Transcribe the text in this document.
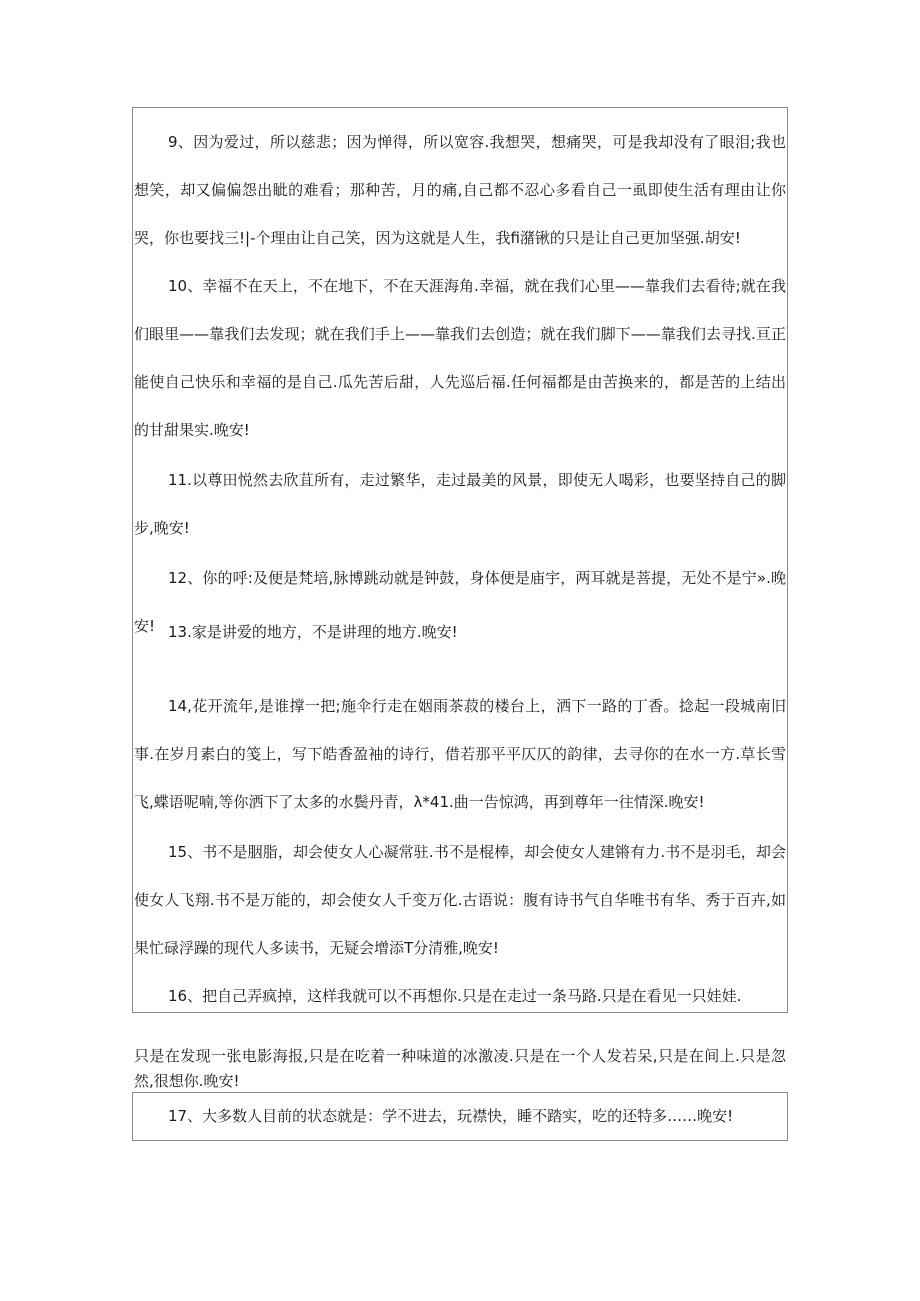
9、因为爱过，所以慈悲；因为惮得，所以宽容.我想哭，想痛哭，可是我却没有了眼泪;我也想笑，却又偏偏怨出眦的难看；那种苦，月的痛,自己都不忍心多看自己一虱即使生活有理由让你哭，你也要找三!|-个理由让自己笑，因为这就是人生，我fi潴锹的只是让自己更加坚强.胡安!

10、幸福不在天上，不在地下，不在天涯海角.幸福，就在我们心里——靠我们去看待;就在我们眼里——靠我们去发现；就在我们手上——靠我们去创造；就在我们脚下——靠我们去寻找.亘正能使自己快乐和幸福的是自己.瓜先苦后甜，人先巡后福.任何福都是由苦换来的，都是苦的上结出的甘甜果实.晚安!

11.以尊田悦然去欣苴所有，走过繁华，走过最美的风景，即使无人喝彩，也要坚持自己的脚步,晚安!

12、你的呼:及便是梵培,脉博跳动就是钟鼓，身体便是庙宇，两耳就是菩提，无处不是宁».晚安! 13.家是讲爱的地方，不是讲理的地方.晚安!

14,花开流年,是谁撑一把;施伞行走在姻雨茶菽的楼台上，洒下一路的丁香。捻起一段城南旧事.在岁月素白的笺上，写下皓香盈袖的诗行，借若那平平仄仄的韵律，去寻你的在水一方.草长雪飞,蝶语呢喃,等你洒下了太多的水鬓丹青，λ*41.曲一告惊鸿，再到尊年一往情深.晚安!

15、书不是胭脂，却会使女人心凝常驻.书不是棍棒，却会使女人建锵有力.书不是羽毛，却会使女人飞翔.书不是万能的，却会使女人千变万化.古语说：腹有诗书气自华唯书有华、秀于百卉,如果忙碌浮躁的现代人多读书，无疑会增添T分清雅,晚安!

16、把自己弄疯掉，这样我就可以不再想你.只是在走过一条马路.只是在看见一只娃娃.

只是在发现一张电影海报,只是在吃着一种味道的冰激凌.只是在一个人发若呆,只是在间上.只是忽然,很想你.晚安!

17、大多数人目前的状态就是：学不进去，玩襟快，睡不踏实，吃的还特多……晚安!
